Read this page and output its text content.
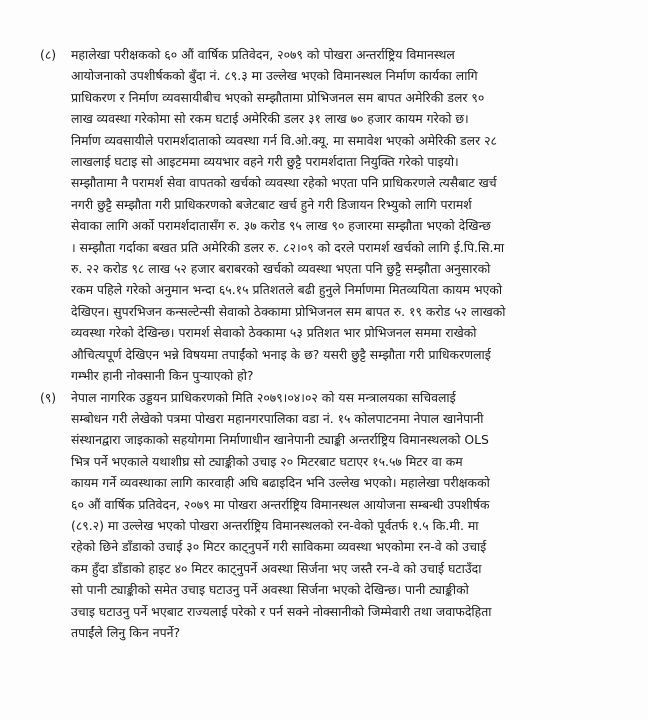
(८)	महालेखा परीक्षकको ६० औं वार्षिक प्रतिवेदन, २०७९ को पोखरा अन्तर्राष्ट्रिय विमानस्थल
आयोजनाको उपशीर्षकको बुँदा नं. ८९.३ मा उल्लेख भएको विमानस्थल निर्माण कार्यका लागि
प्राधिकरण र निर्माण व्यवसायीबीच भएको सम्झौतामा प्रोभिजनल सम बापत अमेरिकी डलर ९०
लाख व्यवस्था गरेकोमा सो रकम घटाई अमेरिकी डलर ३१ लाख ७० हजार कायम गरेको छ।
निर्माण व्यवसायीले परामर्शदाताको व्यवस्था गर्न वि.ओ.क्यू. मा समावेश भएको अमेरिकी डलर २८
लाखलाई घटाइ सो आइटममा व्ययभार वहने गरी छुट्टै परामर्शदाता नियुक्ति गरेको पाइयो।
सम्झौतामा नै परामर्श सेवा वापतको खर्चको व्यवस्था रहेको भएता पनि प्राधिकरणले त्यसैबाट खर्च
नगरी छुट्टै सम्झौता गरी प्राधिकरणको बजेटबाट खर्च हुने गरी डिजायन रिभ्युको लागि परामर्श
सेवाका लागि अर्को परामर्शदातासँग रु. ३७ करोड ९५ लाख ९० हजारमा सम्झौता भएको देखिन्छ
। सम्झौता गर्दाका बखत प्रति अमेरिकी डलर रु. ८२।०९ को दरले परामर्श खर्चको लागि ई.पि.सि.मा
रु. २२ करोड ९८ लाख ५२ हजार बराबरको खर्चको व्यवस्था भएता पनि छुट्टै सम्झौता अनुसारको
रकम पहिले गरेको अनुमान भन्दा ६५.१५ प्रतिशतले बढी हुनुले निर्माणमा मितव्ययिता कायम भएको
देखिएन। सुपरभिजन कन्सल्टेन्सी सेवाको ठेक्कामा प्रोभिजनल सम बापत रु. १९ करोड ५२ लाखको
व्यवस्था गरेको देखिन्छ। परामर्श सेवाको ठेक्कामा ५३ प्रतिशत भार प्रोभिजनल सममा राखेको
औचित्यपूर्ण देखिएन भन्ने विषयमा तपाईंको भनाइ के छ? यसरी छुट्टै सम्झौता गरी प्राधिकरणलाई
गम्भीर हानी नोक्सानी किन पुऱ्याएको हो?
(९)	नेपाल नागरिक उड्डयन प्राधिकरणको मिति २०७९।०४।०२ को यस मन्त्रालयका सचिवलाई
सम्बोधन गरी लेखेको पत्रमा पोखरा महानगरपालिका वडा नं. १५ कोलपाटनमा नेपाल खानेपानी
संस्थानद्वारा जाइकाको सहयोगमा निर्माणाधीन खानेपानी ट्याङ्की अन्तर्राष्ट्रिय विमानस्थलको OLS
भित्र पर्ने भएकाले यथाशीघ्र सो ट्याङ्कीको उचाइ २० मिटरबाट घटाएर १५.५७ मिटर वा कम
कायम गर्ने व्यवस्थाका लागि कारवाही अघि बढाइदिन भनि उल्लेख भएको। महालेखा परीक्षकको
६० औं वार्षिक प्रतिवेदन, २०७९ मा पोखरा अन्तर्राष्ट्रिय विमानस्थल आयोजना सम्बन्धी उपशीर्षक
(८९.२) मा उल्लेख भएको पोखरा अन्तर्राष्ट्रिय विमानस्थलको रन-वेको पूर्वतर्फ १.५ कि.मी. मा
रहेको छिने डाँडाको उचाई ३० मिटर काट्नुपर्ने गरी साविकमा व्यवस्था भएकोमा रन-वे को उचाई
कम हुँदा डाँडाको हाइट ४० मिटर काट्नुपर्ने अवस्था सिर्जना भए जस्तै रन-वे को उचाई घटाउँदा
सो पानी ट्याङ्कीको समेत उचाइ घटाउनु पर्ने अवस्था सिर्जना भएको देखिन्छ। पानी ट्याङ्कीको
उचाइ घटाउनु पर्ने भएबाट राज्यलाई परेको र पर्न सक्ने नोक्सानीको जिम्मेवारी तथा जवाफदेहिता
तपाईंले लिनु किन नपर्ने?
